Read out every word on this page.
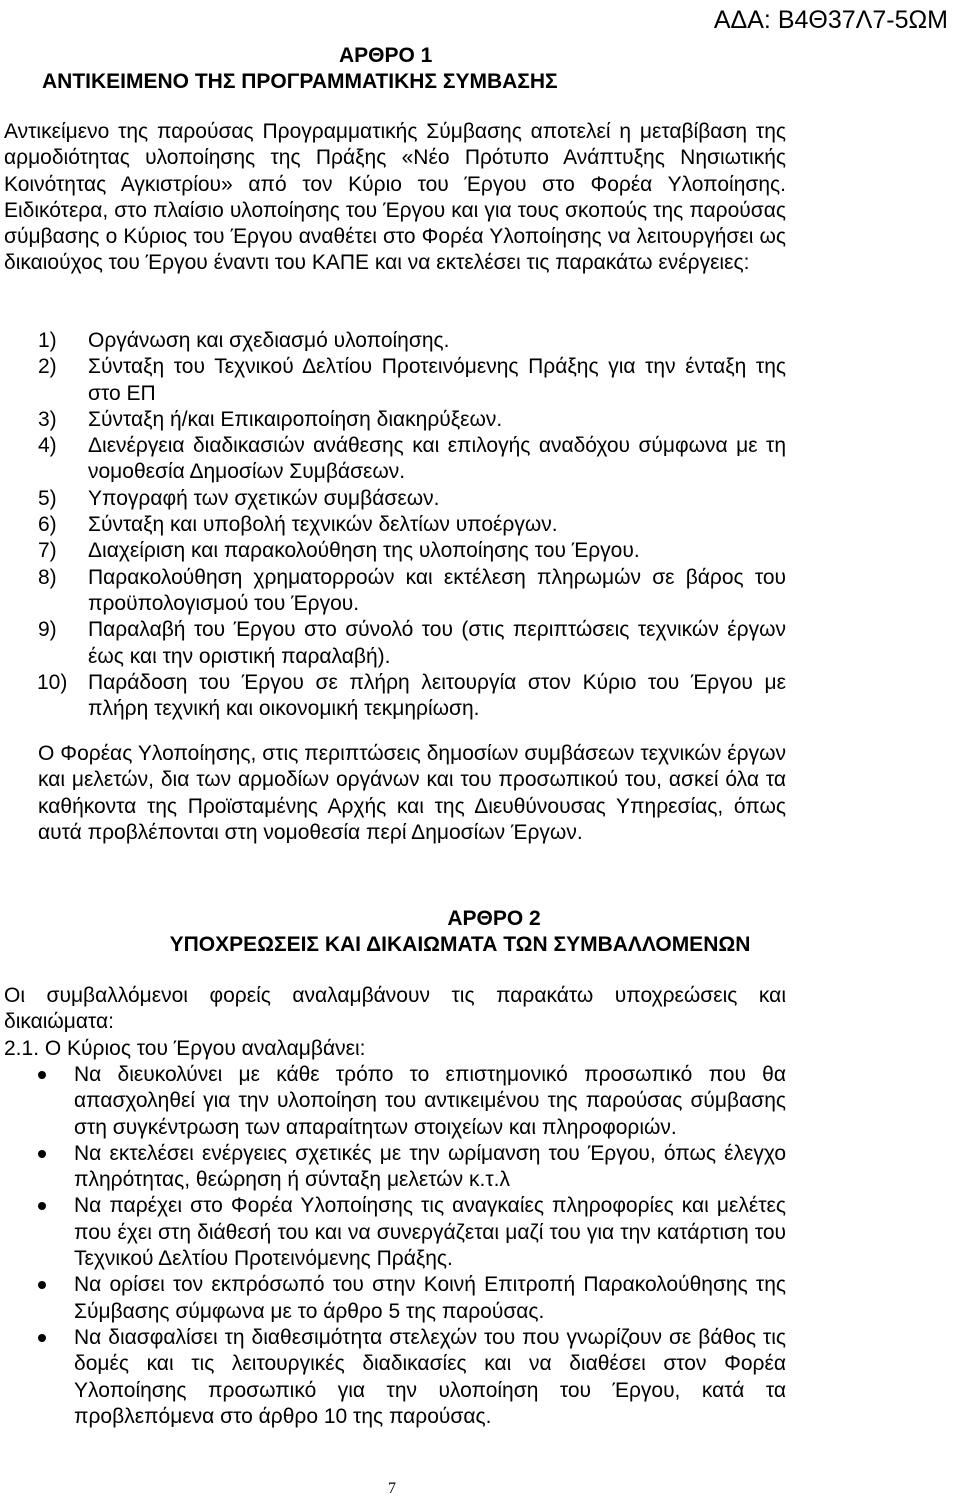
ΑΔΑ: Β4Θ37Λ7-5ΩΜ
ΑΡΘΡΟ 1
ΑΝΤΙΚΕΙΜΕΝΟ ΤΗΣ ΠΡΟΓΡΑΜΜΑΤΙΚΗΣ ΣΥΜΒΑΣΗΣ

Αντικείμενο της παρούσας Προγραμματικής Σύμβασης αποτελεί η μεταβίβαση της αρμοδιότητας υλοποίησης της Πράξης «Νέο Πρότυπο Ανάπτυξης Νησιωτικής Κοινότητας Αγκιστρίου» από τον Κύριο του Έργου στο Φορέα Υλοποίησης. Ειδικότερα, στο πλαίσιο υλοποίησης του Έργου και για τους σκοπούς της παρούσας σύμβασης ο Κύριος του Έργου αναθέτει στο Φορέα Υλοποίησης να λειτουργήσει ως δικαιούχος του Έργου έναντι του ΚΑΠΕ και να εκτελέσει τις παρακάτω ενέργειες:

1) Οργάνωση και σχεδιασμό υλοποίησης.
2) Σύνταξη του Τεχνικού Δελτίου Προτεινόμενης Πράξης για την ένταξη της στο ΕΠ
3) Σύνταξη ή/και Επικαιροποίηση διακηρύξεων.
4) Διενέργεια διαδικασιών ανάθεσης και επιλογής αναδόχου σύμφωνα με τη νομοθεσία Δημοσίων Συμβάσεων.
5) Υπογραφή των σχετικών συμβάσεων.
6) Σύνταξη και υποβολή τεχνικών δελτίων υποέργων.
7) Διαχείριση και παρακολούθηση της υλοποίησης του Έργου.
8) Παρακολούθηση χρηματορροών και εκτέλεση πληρωμών σε βάρος του προϋπολογισμού του Έργου.
9) Παραλαβή του Έργου στο σύνολό του (στις περιπτώσεις τεχνικών έργων έως και την οριστική παραλαβή).
10) Παράδοση του Έργου σε πλήρη λειτουργία στον Κύριο του Έργου με πλήρη τεχνική και οικονομική τεκμηρίωση.

Ο Φορέας Υλοποίησης, στις περιπτώσεις δημοσίων συμβάσεων τεχνικών έργων και μελετών, δια των αρμοδίων οργάνων και του προσωπικού του, ασκεί όλα τα καθήκοντα της Προϊσταμένης Αρχής και της Διευθύνουσας Υπηρεσίας, όπως αυτά προβλέπονται στη νομοθεσία περί Δημοσίων Έργων.

ΑΡΘΡΟ 2
ΥΠΟΧΡΕΩΣΕΙΣ ΚΑΙ ΔΙΚΑΙΩΜΑΤΑ ΤΩΝ ΣΥΜΒΑΛΛΟΜΕΝΩΝ

Οι συμβαλλόμενοι φορείς αναλαμβάνουν τις παρακάτω υποχρεώσεις και δικαιώματα:

2.1. Ο Κύριος του Έργου αναλαμβάνει:
Να διευκολύνει με κάθε τρόπο το επιστημονικό προσωπικό που θα απασχοληθεί για την υλοποίηση του αντικειμένου της παρούσας σύμβασης στη συγκέντρωση των απαραίτητων στοιχείων και πληροφοριών.
Να εκτελέσει ενέργειες σχετικές με την ωρίμανση του Έργου, όπως έλεγχο πληρότητας, θεώρηση ή σύνταξη μελετών κ.τ.λ
Να παρέχει στο Φορέα Υλοποίησης τις αναγκαίες πληροφορίες και μελέτες που έχει στη διάθεσή του και να συνεργάζεται μαζί του για την κατάρτιση του Τεχνικού Δελτίου Προτεινόμενης Πράξης.
Να ορίσει τον εκπρόσωπό του στην Κοινή Επιτροπή Παρακολούθησης της Σύμβασης σύμφωνα με το άρθρο 5 της παρούσας.
Να διασφαλίσει τη διαθεσιμότητα στελεχών του που γνωρίζουν σε βάθος τις δομές και τις λειτουργικές διαδικασίες και να διαθέσει στον Φορέα Υλοποίησης προσωπικό για την υλοποίηση του Έργου, κατά τα προβλεπόμενα στο άρθρο 10 της παρούσας.
7
